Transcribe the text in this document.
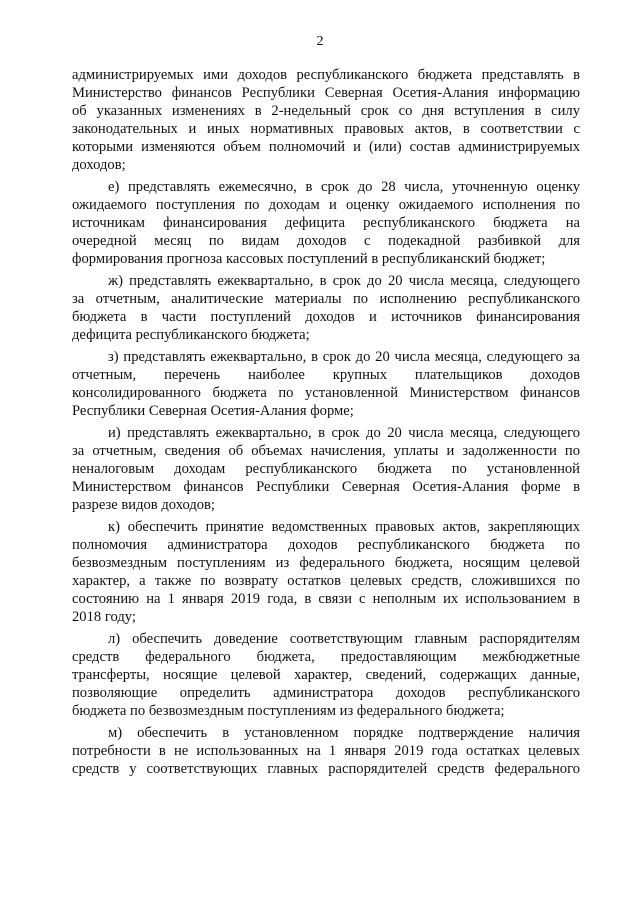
2
администрируемых ими доходов республиканского бюджета представлять в
Министерство финансов Республики Северная Осетия-Алания информацию
об указанных изменениях в 2-недельный срок со дня вступления в силу
законодательных и иных нормативных правовых актов, в соответствии с
которыми изменяются объем полномочий и (или) состав администрируемых
доходов;
е) представлять ежемесячно, в срок до 28 числа, уточненную оценку
ожидаемого поступления по доходам и оценку ожидаемого исполнения по
источникам финансирования дефицита республиканского бюджета на
очередной месяц по видам доходов с подекадной разбивкой для
формирования прогноза кассовых поступлений в республиканский бюджет;
ж) представлять ежеквартально, в срок до 20 числа месяца, следующего
за отчетным, аналитические материалы по исполнению республиканского
бюджета в части поступлений доходов и источников финансирования
дефицита республиканского бюджета;
з) представлять ежеквартально, в срок до 20 числа месяца, следующего за
отчетным, перечень наиболее крупных плательщиков доходов
консолидированного бюджета по установленной Министерством финансов
Республики Северная Осетия-Алания форме;
и) представлять ежеквартально, в срок до 20 числа месяца, следующего
за отчетным, сведения об объемах начисления, уплаты и задолженности по
неналоговым доходам республиканского бюджета по установленной
Министерством финансов Республики Северная Осетия-Алания форме в
разрезе видов доходов;
к) обеспечить принятие ведомственных правовых актов, закрепляющих
полномочия администратора доходов республиканского бюджета по
безвозмездным поступлениям из федерального бюджета, носящим целевой
характер, а также по возврату остатков целевых средств, сложившихся по
состоянию на 1 января 2019 года, в связи с неполным их использованием в
2018 году;
л) обеспечить доведение соответствующим главным распорядителям
средств федерального бюджета, предоставляющим межбюджетные
трансферты, носящие целевой характер, сведений, содержащих данные,
позволяющие определить администратора доходов республиканского
бюджета по безвозмездным поступлениям из федерального бюджета;
м) обеспечить в установленном порядке подтверждение наличия
потребности в не использованных на 1 января 2019 года остатках целевых
средств у соответствующих главных распорядителей средств федерального
